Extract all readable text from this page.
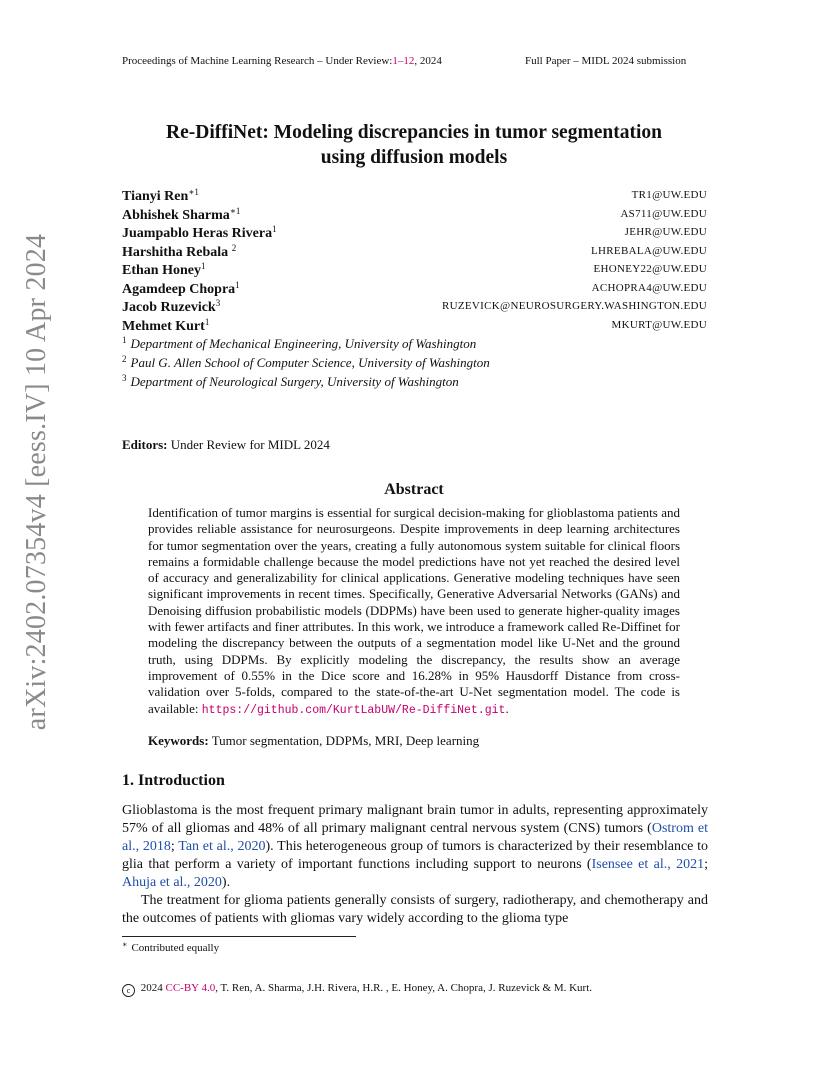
arXiv:2402.07354v4 [eess.IV] 10 Apr 2024
Proceedings of Machine Learning Research – Under Review:1–12, 2024	Full Paper – MIDL 2024 submission
Re-DiffiNet: Modeling discrepancies in tumor segmentation
using diffusion models
Tianyi Ren$^{∗1}$	TR1@UW.EDU
Abhishek Sharma$^{∗1}$	AS711@UW.EDU
Juampablo Heras Rivera$^1$	JEHR@UW.EDU
Harshitha Rebala $^2$	LHREBALA@UW.EDU
Ethan Honey$^1$	EHONEY22@UW.EDU
Agamdeep Chopra$^1$	ACHOPRA4@UW.EDU
Jacob Ruzevick$^3$	RUZEVICK@NEUROSURGERY.WASHINGTON.EDU
Mehmet Kurt$^1$	MKURT@UW.EDU
$^1$ Department of Mechanical Engineering, University of Washington
$^2$ Paul G. Allen School of Computer Science, University of Washington
$^3$ Department of Neurological Surgery, University of Washington
Editors: Under Review for MIDL 2024
Abstract
Identification of tumor margins is essential for surgical decision-making for glioblastoma patients and provides reliable assistance for neurosurgeons. Despite improvements in deep learning architectures for tumor segmentation over the years, creating a fully autonomous system suitable for clinical floors remains a formidable challenge because the model predictions have not yet reached the desired level of accuracy and generalizability for clinical applications. Generative modeling techniques have seen significant improvements in recent times. Specifically, Generative Adversarial Networks (GANs) and Denoising diffusion probabilistic models (DDPMs) have been used to generate higher-quality images with fewer artifacts and finer attributes. In this work, we introduce a framework called Re-Diffinet for modeling the discrepancy between the outputs of a segmentation model like U-Net and the ground truth, using DDPMs. By explicitly modeling the discrepancy, the results show an average improvement of 0.55% in the Dice score and 16.28% in 95% Hausdorff Distance from cross-validation over 5-folds, compared to the state-of-the-art U-Net segmentation model. The code is available: https://github.com/KurtLabUW/Re-DiffiNet.git.
Keywords: Tumor segmentation, DDPMs, MRI, Deep learning
1. Introduction

Glioblastoma is the most frequent primary malignant brain tumor in adults, representing approximately 57% of all gliomas and 48% of all primary malignant central nervous system (CNS) tumors (Ostrom et al., 2018; Tan et al., 2020). This heterogeneous group of tumors is characterized by their resemblance to glia that perform a variety of important functions including support to neurons (Isensee et al., 2021; Ahuja et al., 2020).

The treatment for glioma patients generally consists of surgery, radiotherapy, and chemotherapy and the outcomes of patients with gliomas vary widely according to the glioma type

∗ Contributed equally
c 2024 CC-BY 4.0, T. Ren, A. Sharma, J.H. Rivera, H.R. , E. Honey, A. Chopra, J. Ruzevick & M. Kurt.
